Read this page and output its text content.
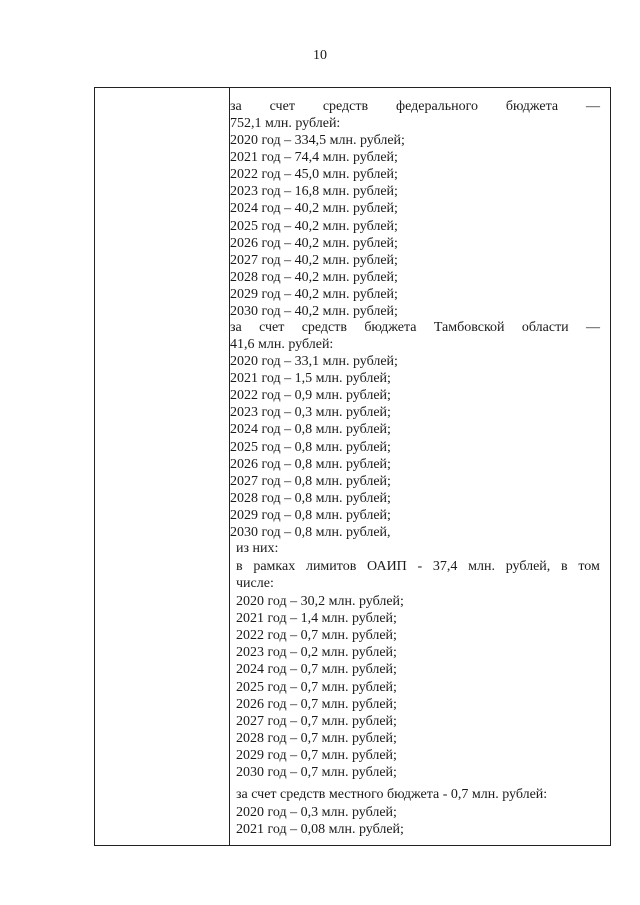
10
за счет средств федерального бюджета —
752,1 млн. рублей:
2020 год – 334,5 млн. рублей;
2021 год – 74,4 млн. рублей;
2022 год – 45,0 млн. рублей;
2023 год – 16,8 млн. рублей;
2024 год – 40,2 млн. рублей;
2025 год – 40,2 млн. рублей;
2026 год – 40,2 млн. рублей;
2027 год – 40,2 млн. рублей;
2028 год – 40,2 млн. рублей;
2029 год – 40,2 млн. рублей;
2030 год – 40,2 млн. рублей;
за счет средств бюджета Тамбовской области —
41,6 млн. рублей:
2020 год – 33,1 млн. рублей;
2021 год – 1,5 млн. рублей;
2022 год – 0,9 млн. рублей;
2023 год – 0,3 млн. рублей;
2024 год – 0,8 млн. рублей;
2025 год – 0,8 млн. рублей;
2026 год – 0,8 млн. рублей;
2027 год – 0,8 млн. рублей;
2028 год – 0,8 млн. рублей;
2029 год – 0,8 млн. рублей;
2030 год – 0,8 млн. рублей,
из них:
в рамках лимитов ОАИП - 37,4 млн. рублей, в том
числе:
2020 год – 30,2 млн. рублей;
2021 год – 1,4 млн. рублей;
2022 год – 0,7 млн. рублей;
2023 год – 0,2 млн. рублей;
2024 год – 0,7 млн. рублей;
2025 год – 0,7 млн. рублей;
2026 год – 0,7 млн. рублей;
2027 год – 0,7 млн. рублей;
2028 год – 0,7 млн. рублей;
2029 год – 0,7 млн. рублей;
2030 год – 0,7 млн. рублей;
за счет средств местного бюджета - 0,7 млн. рублей:
2020 год – 0,3 млн. рублей;
2021 год – 0,08 млн. рублей;
